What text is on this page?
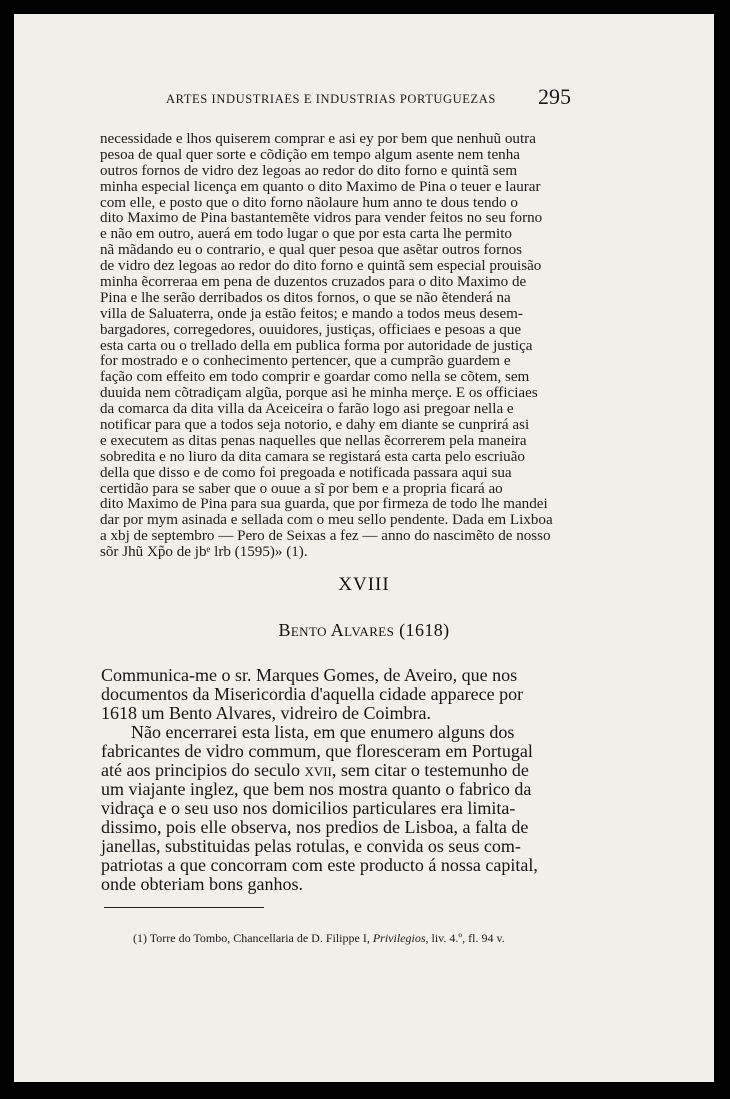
ARTES INDUSTRIAES E INDUSTRIAS PORTUGUEZAS 295
necessidade e lhos quiserem comprar e asi ey por bem que nenhuũ outra
pesoa de qual quer sorte e cõdição em tempo algum asente nem tenha
outros fornos de vidro dez legoas ao redor do dito forno e quintã sem
minha especial licença em quanto o dito Maximo de Pina o teuer e laurar
com elle, e posto que o dito forno nãolaure hum anno te dous tendo o
dito Maximo de Pina bastantemẽte vidros para vender feitos no seu forno
e não em outro, auerá em todo lugar o que por esta carta lhe permito
nã mãdando eu o contrario, e qual quer pesoa que asẽtar outros fornos
de vidro dez legoas ao redor do dito forno e quintã sem especial prouisão
minha ẽcorreraa em pena de duzentos cruzados para o dito Maximo de
Pina e lhe serão derribados os ditos fornos, o que se não ẽtenderá na
villa de Saluaterra, onde ja estão feitos; e mando a todos meus desem-
bargadores, corregedores, ouuidores, justiças, officiaes e pesoas a que
esta carta ou o trellado della em publica forma por autoridade de justiça
for mostrado e o conhecimento pertencer, que a cumprão guardem e
fação com effeito em todo comprir e goardar como nella se cõtem, sem
duuida nem cõtradiçam algũa, porque asi he minha merçe. E os officiaes
da comarca da dita villa da Aceiceira o farão logo asi pregoar nella e
notificar para que a todos seja notorio, e dahy em diante se cunprirá asi
e executem as ditas penas naquelles que nellas ẽcorrerem pela maneira
sobredita e no liuro da dita camara se registará esta carta pelo escriuão
della que disso e de como foi pregoada e notificada passara aqui sua
certidão para se saber que o ouue a sĩ por bem e a propria ficará ao
dito Maximo de Pina para sua guarda, que por firmeza de todo lhe mandei
dar por mym asinada e sellada com o meu sello pendente. Dada em Lixboa
a xbj de septembro — Pero de Seixas a fez — anno do nascimẽto de nosso
sõr Jhũ Xp̃o de jbᵉ lrb (1595)» (1).
XVIII
Bento Alvares (1618)
Communica-me o sr. Marques Gomes, de Aveiro, que nos
documentos da Misericordia d'aquella cidade apparece por
1618 um Bento Alvares, vidreiro de Coimbra.
Não encerrarei esta lista, em que enumero alguns dos
fabricantes de vidro commum, que floresceram em Portugal
até aos principios do seculo xvii, sem citar o testemunho de
um viajante inglez, que bem nos mostra quanto o fabrico da
vidraça e o seu uso nos domicilios particulares era limita-
dissimo, pois elle observa, nos predios de Lisboa, a falta de
janellas, substituidas pelas rotulas, e convida os seus com-
patriotas a que concorram com este producto á nossa capital,
onde obteriam bons ganhos.
(1) Torre do Tombo, Chancellaria de D. Filippe I, Privilegios, liv. 4.º, fl. 94 v.
